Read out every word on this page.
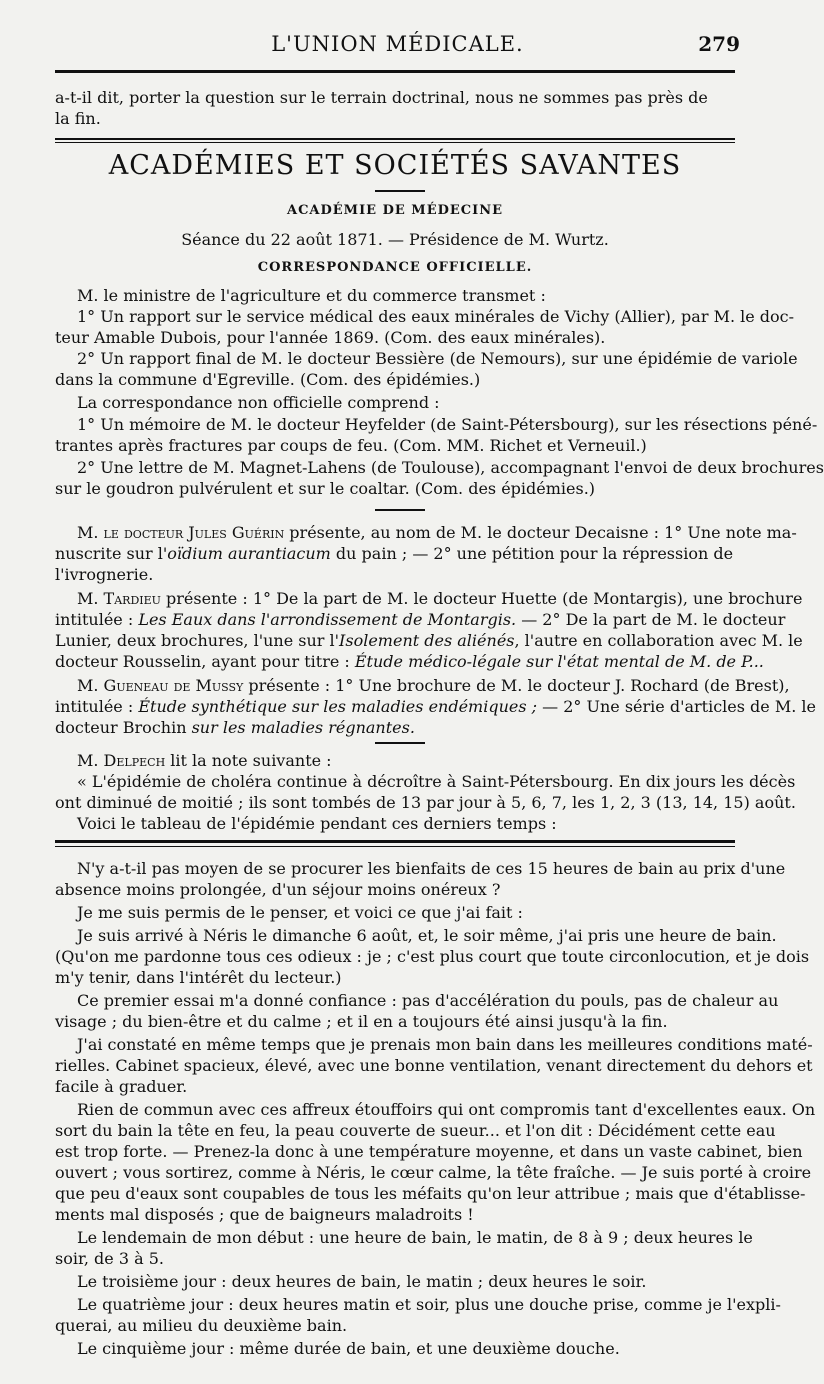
L'UNION MÉDICALE.	279
a-t-il dit, porter la question sur le terrain doctrinal, nous ne sommes pas près de
la fin.
ACADÉMIES ET SOCIÉTÉS SAVANTES
ACADÉMIE DE MÉDECINE
Séance du 22 août 1871. — Présidence de M. Wurtz.
CORRESPONDANCE OFFICIELLE.
M. le ministre de l'agriculture et du commerce transmet :
1° Un rapport sur le service médical des eaux minérales de Vichy (Allier), par M. le doc-
teur Amable Dubois, pour l'année 1869. (Com. des eaux minérales).
2° Un rapport final de M. le docteur Bessière (de Nemours), sur une épidémie de variole
dans la commune d'Egreville. (Com. des épidémies.)
La correspondance non officielle comprend :
1° Un mémoire de M. le docteur Heyfelder (de Saint-Pétersbourg), sur les résections péné-
trantes après fractures par coups de feu. (Com. MM. Richet et Verneuil.)
2° Une lettre de M. Magnet-Lahens (de Toulouse), accompagnant l'envoi de deux brochures
sur le goudron pulvérulent et sur le coaltar. (Com. des épidémies.)
M. le docteur Jules Guérin présente, au nom de M. le docteur Decaisne : 1° Une note ma-
nuscrite sur l'oïdium aurantiacum du pain ; — 2° une pétition pour la répression de
l'ivrognerie.
M. Tardieu présente : 1° De la part de M. le docteur Huette (de Montargis), une brochure
intitulée : Les Eaux dans l'arrondissement de Montargis. — 2° De la part de M. le docteur
Lunier, deux brochures, l'une sur l'Isolement des aliénés, l'autre en collaboration avec M. le
docteur Rousselin, ayant pour titre : Étude médico-légale sur l'état mental de M. de P...
M. Gueneau de Mussy présente : 1° Une brochure de M. le docteur J. Rochard (de Brest),
intitulée : Étude synthétique sur les maladies endémiques ; — 2° Une série d'articles de M. le
docteur Brochin sur les maladies régnantes.
M. Delpech lit la note suivante :
« L'épidémie de choléra continue à décroître à Saint-Pétersbourg. En dix jours les décès
ont diminué de moitié ; ils sont tombés de 13 par jour à 5, 6, 7, les 1, 2, 3 (13, 14, 15) août.
Voici le tableau de l'épidémie pendant ces derniers temps :
N'y a-t-il pas moyen de se procurer les bienfaits de ces 15 heures de bain au prix d'une
absence moins prolongée, d'un séjour moins onéreux ?
Je me suis permis de le penser, et voici ce que j'ai fait :
Je suis arrivé à Néris le dimanche 6 août, et, le soir même, j'ai pris une heure de bain.
(Qu'on me pardonne tous ces odieux : je ; c'est plus court que toute circonlocution, et je dois
m'y tenir, dans l'intérêt du lecteur.)
Ce premier essai m'a donné confiance : pas d'accélération du pouls, pas de chaleur au
visage ; du bien-être et du calme ; et il en a toujours été ainsi jusqu'à la fin.
J'ai constaté en même temps que je prenais mon bain dans les meilleures conditions maté-
rielles. Cabinet spacieux, élevé, avec une bonne ventilation, venant directement du dehors et
facile à graduer.
Rien de commun avec ces affreux étouffoirs qui ont compromis tant d'excellentes eaux. On
sort du bain la tête en feu, la peau couverte de sueur... et l'on dit : Décidément cette eau
est trop forte. — Prenez-la donc à une température moyenne, et dans un vaste cabinet, bien
ouvert ; vous sortirez, comme à Néris, le cœur calme, la tête fraîche. — Je suis porté à croire
que peu d'eaux sont coupables de tous les méfaits qu'on leur attribue ; mais que d'établisse-
ments mal disposés ; que de baigneurs maladroits !
Le lendemain de mon début : une heure de bain, le matin, de 8 à 9 ; deux heures le
soir, de 3 à 5.
Le troisième jour : deux heures de bain, le matin ; deux heures le soir.
Le quatrième jour : deux heures matin et soir, plus une douche prise, comme je l'expli-
querai, au milieu du deuxième bain.
Le cinquième jour : même durée de bain, et une deuxième douche.
